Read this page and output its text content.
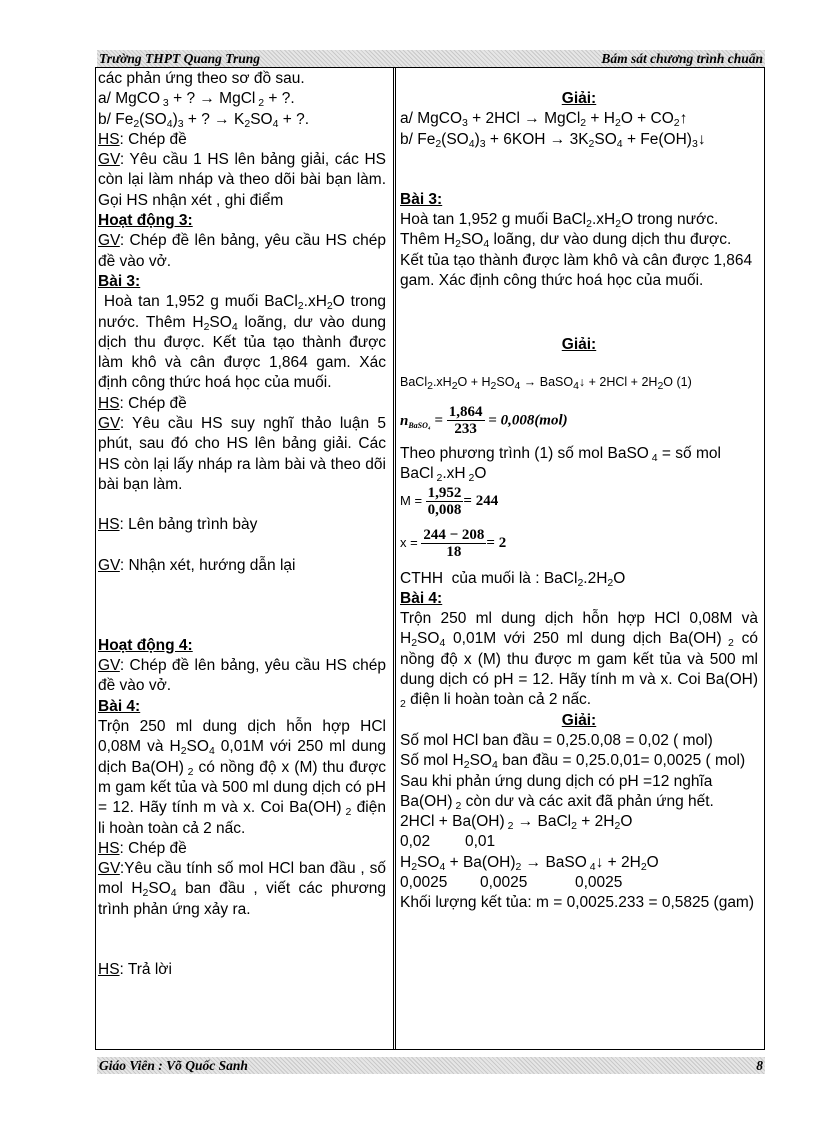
Trường THPT Quang Trung	Bám sát chương trình chuẩn
các phản ứng theo sơ đồ sau.
a/ MgCO $_3$ + ? → MgCl $_2$ + ?.
b/ $Fe_2(SO_4)_3$ + ? → $K_2SO_4$ + ?.
HS: Chép đề
GV: Yêu cầu 1 HS lên bảng giải, các HS còn lại làm nháp và theo dõi bài bạn làm. Gọi HS nhận xét , ghi điểm
Hoạt động 3:
GV: Chép đề lên bảng, yêu cầu HS chép đề vào vở.
Bài 3:
Hoà tan 1,952 g muối $BaCl_2.xH_2O$ trong nước. Thêm $H_2SO_4$ loãng, dư vào dung dịch thu được. Kết tủa tạo thành được làm khô và cân được 1,864 gam. Xác định công thức hoá học của muối.
HS: Chép đề
GV: Yêu cầu HS suy nghĩ thảo luận 5 phút, sau đó cho HS lên bảng giải. Các HS còn lại lấy nháp ra làm bài và theo dõi bài bạn làm.
HS: Lên bảng trình bày
GV: Nhận xét, hướng dẫn lại
Hoạt động 4:
GV: Chép đề lên bảng, yêu cầu HS chép đề vào vở.
Bài 4:
Trộn 250 ml dung dịch hỗn hợp HCl 0,08M và $H_2SO_4$ 0,01M với 250 ml dung dịch Ba(OH) $_2$ có nồng độ x (M) thu được m gam kết tủa và 500 ml dung dịch có pH = 12. Hãy tính m và x. Coi Ba(OH) $_2$ điện li hoàn toàn cả 2 nấc.
HS: Chép đề
GV:Yêu cầu tính số mol HCl ban đầu , số mol $H_2SO_4$ ban đầu , viết các phương trình phản ứng xảy ra.
HS: Trả lời
Giải:
a/ MgCO$_3$ + 2HCl → MgCl$_2$ + $H_2O$ + $CO_2↑$
b/ $Fe_2(SO_4)_3 + 6KOH \to 3K_2SO_4$ + $Fe(OH)_3↓$
Bài 3:
Hoà tan 1,952 g muối $BaCl_2.xH_2O$ trong nước. Thêm $H_2SO_4$ loãng, dư vào dung dịch thu được. Kết tủa tạo thành được làm khô và cân được 1,864 gam. Xác định công thức hoá học của muối.
Giải:
$BaCl_2.xH_2O + H_2SO_4$ → BaSO$_4$↓ + $2HCl + 2H_2O$ (1)
$n_{BaSO_4} = \frac{1,864}{233} = 0,008(mol)$
Theo phương trình (1) số mol BaSO $_4$ = số mol BaCl $_2$.xH $_2$O
$M = \frac{1,952}{0,008} = 244$
$x = \frac{244 - 208}{18} = 2$
CTHH  của muối là : $BaCl_2.2H_2O$
Bài 4:
Trộn 250 ml dung dịch hỗn hợp HCl 0,08M và $H_2SO_4$ 0,01M với 250 ml dung dịch Ba(OH) $_2$ có nồng độ x (M) thu được m gam kết tủa và 500 ml dung dịch có pH = 12. Hãy tính m và x. Coi Ba(OH) $_2$ điện li hoàn toàn cả 2 nấc.
Giải:
Số mol HCl ban đầu = 0,25.0,08 = 0,02 ( mol)
Số mol $H_2SO_4$ ban đầu = 0,25.0,01= 0,0025 ( mol)
Sau khi phản ứng dung dịch có pH =12 nghĩa Ba(OH) $_2$ còn dư và các axit đã phản ứng hết.
2HCl + Ba(OH) $_2$ → BaCl$_2$ + $2H_2O$
0,02 0,01
$H_2SO_4 + Ba(OH)_2$ → BaSO $_4$↓ + $2H_2O$
0,0025 0,0025	0,0025
Khối lượng kết tủa: m = 0,0025.233 = 0,5825 (gam)
Giáo Viên : Võ Quốc Sanh	8
